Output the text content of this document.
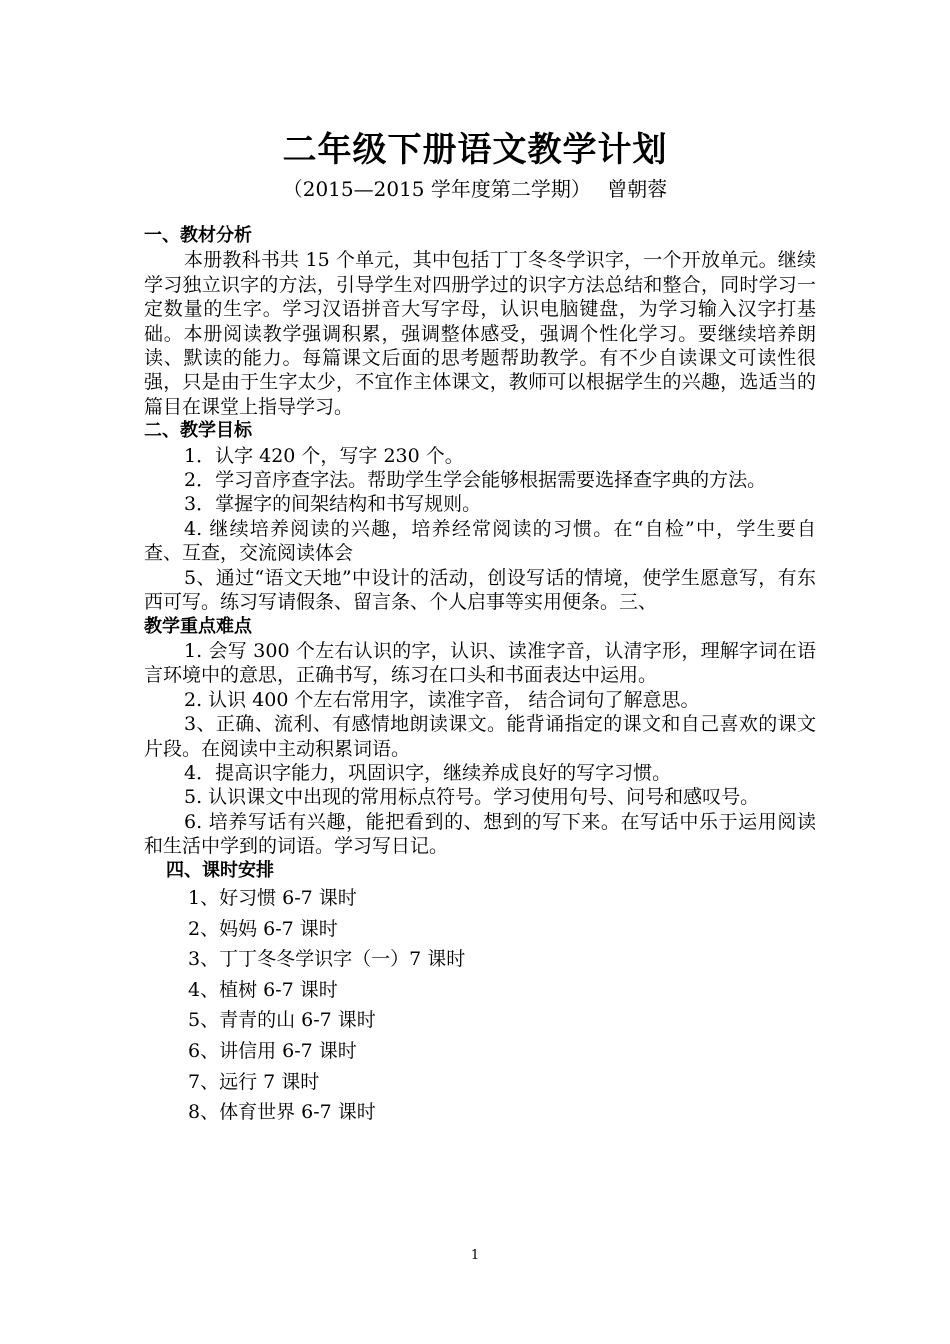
二年级下册语文教学计划
（2015—2015 学年度第二学期）　 曾朝蓉
一、教材分析

本册教科书共 15 个单元，其中包括丁丁冬冬学识字，一个开放单元。继续学习独立识字的方法，引导学生对四册学过的识字方法总结和整合，同时学习一定数量的生字。学习汉语拼音大写字母，认识电脑键盘，为学习输入汉字打基础。本册阅读教学强调积累，强调整体感受，强调个性化学习。要继续培养朗读、默读的能力。每篇课文后面的思考题帮助教学。有不少自读课文可读性很强，只是由于生字太少，不宜作主体课文，教师可以根据学生的兴趣，选适当的篇目在课堂上指导学习。

二、教学目标

1．认字 420 个，写字 230 个。

2．学习音序查字法。帮助学生学会能够根据需要选择查字典的方法。

3．掌握字的间架结构和书写规则。

4. 继续培养阅读的兴趣，培养经常阅读的习惯。在“自检”中，学生要自查、互查，交流阅读体会

5、通过“语文天地”中设计的活动，创设写话的情境，使学生愿意写，有东西可写。练习写请假条、留言条、个人启事等实用便条。三、

教学重点难点

1. 会写 300 个左右认识的字，认识、读准字音，认清字形，理解字词在语言环境中的意思，正确书写，练习在口头和书面表达中运用。

2. 认识 400 个左右常用字，读准字音， 结合词句了解意思。

3、正确、流利、有感情地朗读课文。能背诵指定的课文和自己喜欢的课文片段。在阅读中主动积累词语。

4．提高识字能力，巩固识字，继续养成良好的写字习惯。

5. 认识课文中出现的常用标点符号。学习使用句号、问号和感叹号。

6. 培养写话有兴趣，能把看到的、想到的写下来。在写话中乐于运用阅读和生活中学到的词语。学习写日记。

四、课时安排
1、好习惯 6-7 课时
2、妈妈 6-7 课时
3、丁丁冬冬学识字（一）7 课时
4、植树 6-7 课时
5、青青的山 6-7 课时
6、讲信用 6-7 课时
7、远行 7 课时
8、体育世界 6-7 课时
1
